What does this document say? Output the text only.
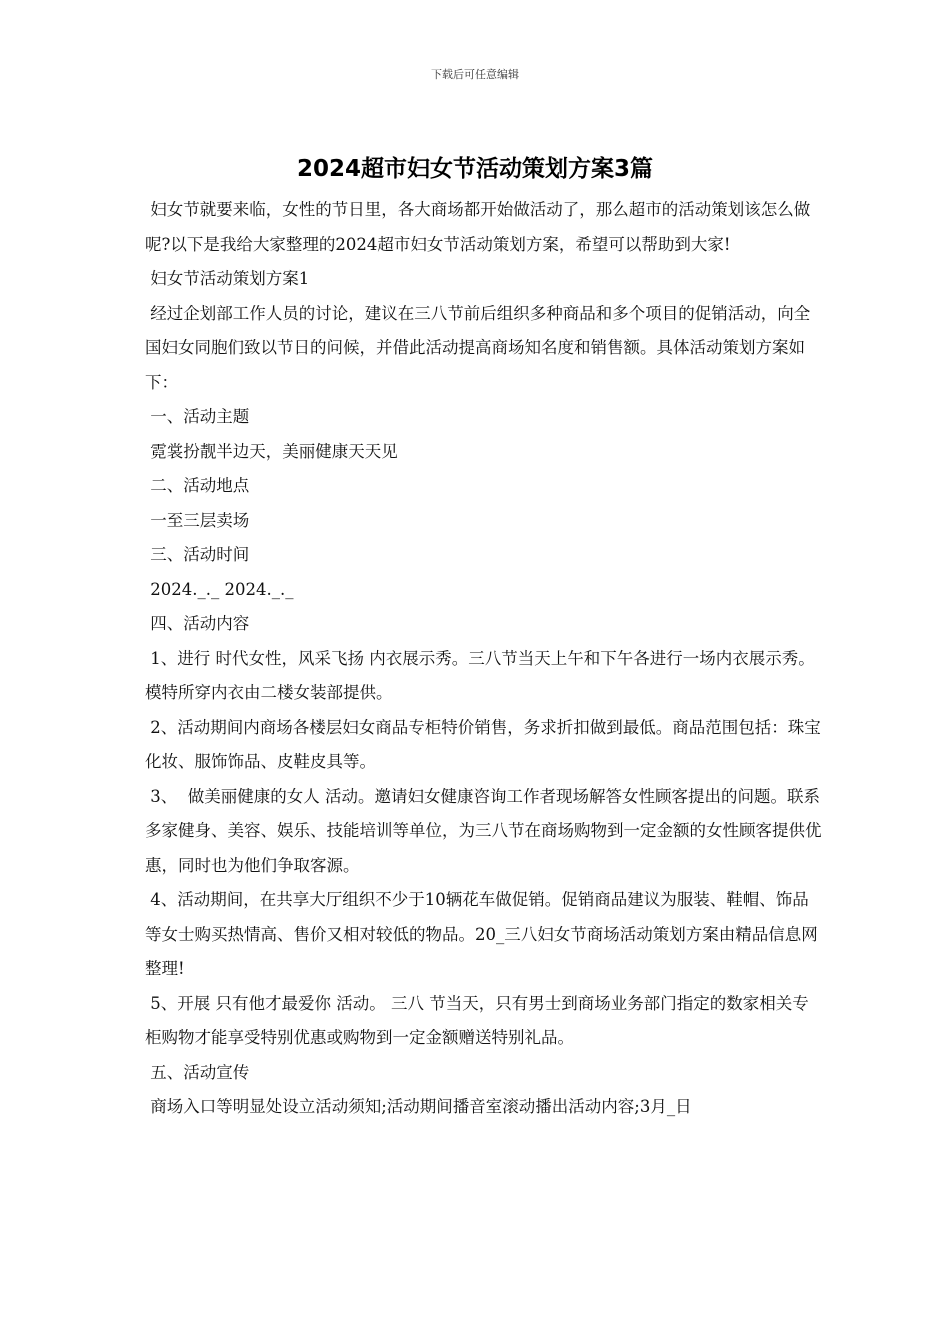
下载后可任意编辑
2024超市妇女节活动策划方案3篇

妇女节就要来临，女性的节日里，各大商场都开始做活动了，那么超市的活动策划该怎么做呢?以下是我给大家整理的2024超市妇女节活动策划方案，希望可以帮助到大家!

妇女节活动策划方案1

经过企划部工作人员的讨论，建议在三八节前后组织多种商品和多个项目的促销活动，向全国妇女同胞们致以节日的问候，并借此活动提高商场知名度和销售额。具体活动策划方案如下：

一、活动主题

霓裳扮靓半边天，美丽健康天天见

二、活动地点

一至三层卖场

三、活动时间

2024._._ 2024._._

四、活动内容

1、进行 时代女性，风采飞扬 内衣展示秀。三八节当天上午和下午各进行一场内衣展示秀。模特所穿内衣由二楼女装部提供。

2、活动期间内商场各楼层妇女商品专柜特价销售，务求折扣做到最低。商品范围包括：珠宝化妆、服饰饰品、皮鞋皮具等。

3、  做美丽健康的女人 活动。邀请妇女健康咨询工作者现场解答女性顾客提出的问题。联系多家健身、美容、娱乐、技能培训等单位，为三八节在商场购物到一定金额的女性顾客提供优惠，同时也为他们争取客源。

4、活动期间，在共享大厅组织不少于10辆花车做促销。促销商品建议为服装、鞋帽、饰品等女士购买热情高、售价又相对较低的物品。20_三八妇女节商场活动策划方案由精品信息网整理!

5、开展 只有他才最爱你 活动。 三八 节当天，只有男士到商场业务部门指定的数家相关专柜购物才能享受特别优惠或购物到一定金额赠送特别礼品。

五、活动宣传

商场入口等明显处设立活动须知;活动期间播音室滚动播出活动内容;3月_日
